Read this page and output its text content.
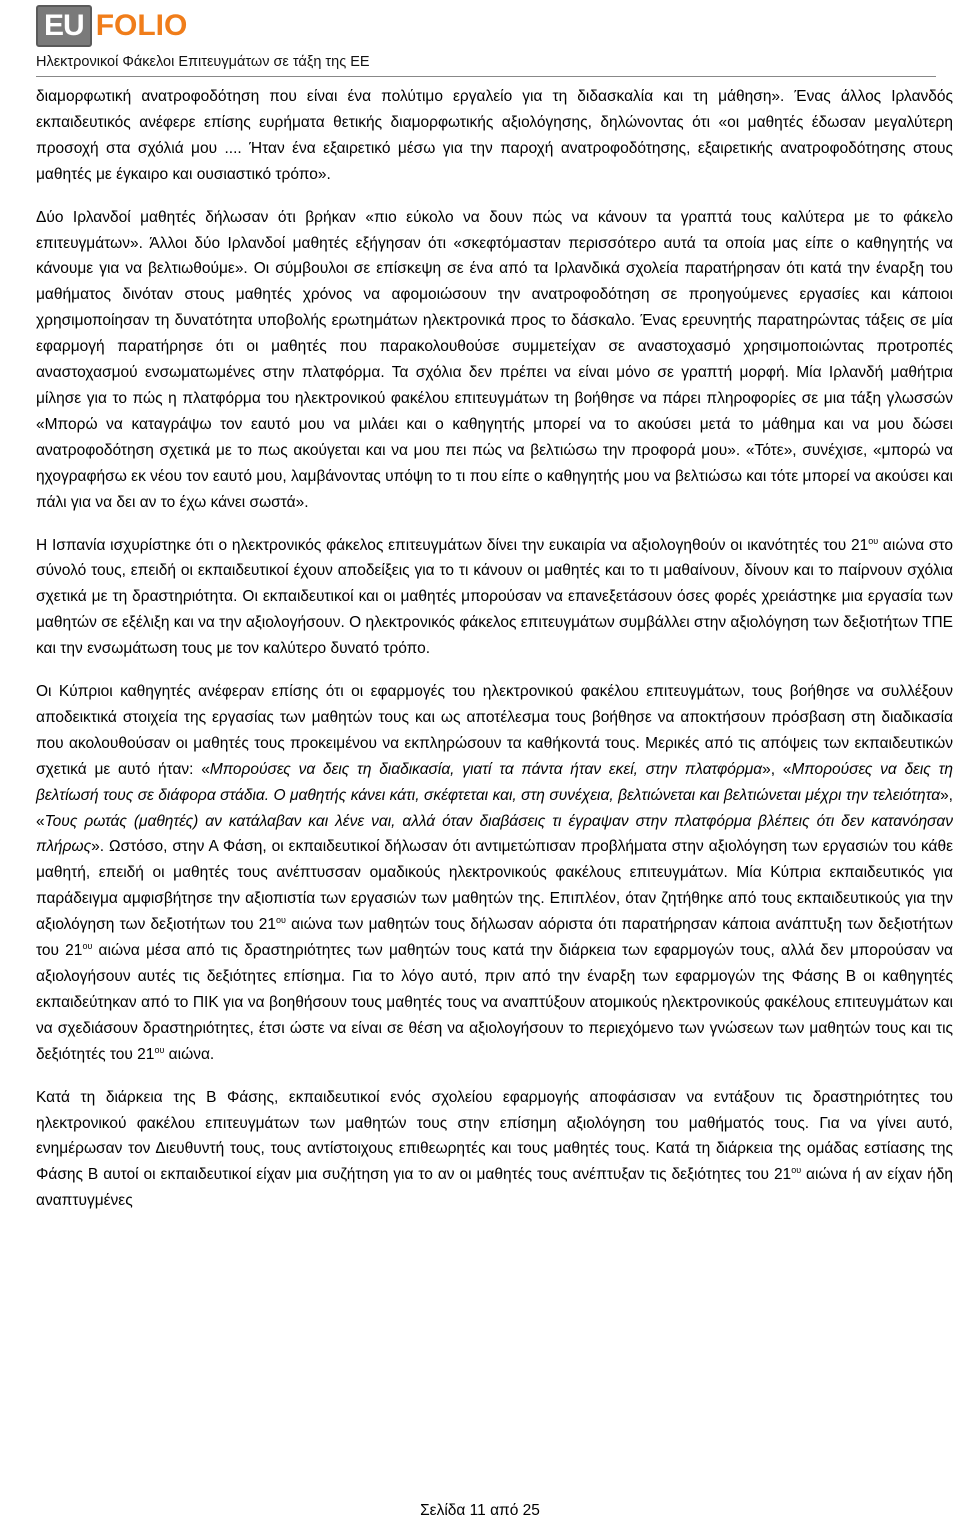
EU FOLIO
Ηλεκτρονικοί Φάκελοι Επιτευγμάτων σε τάξη της ΕΕ

διαμορφωτική ανατροφοδότηση που είναι ένα πολύτιμο εργαλείο για τη διδασκαλία και τη μάθηση». Ένας άλλος Ιρλανδός εκπαιδευτικός ανέφερε επίσης ευρήματα θετικής διαμορφωτικής αξιολόγησης, δηλώνοντας ότι «οι μαθητές έδωσαν μεγαλύτερη προσοχή στα σχόλιά μου .... Ήταν ένα εξαιρετικό μέσω για την παροχή ανατροφοδότησης, εξαιρετικής ανατροφοδότησης στους μαθητές με έγκαιρο και ουσιαστικό τρόπο».

Δύο Ιρλανδοί μαθητές δήλωσαν ότι βρήκαν «πιο εύκολο να δουν πώς να κάνουν τα γραπτά τους καλύτερα με το φάκελο επιτευγμάτων». Άλλοι δύο Ιρλανδοί μαθητές εξήγησαν ότι «σκεφτόμασταν περισσότερο αυτά τα οποία μας είπε ο καθηγητής να κάνουμε για να βελτιωθούμε». Οι σύμβουλοι σε επίσκεψη σε ένα από τα Ιρλανδικά σχολεία παρατήρησαν ότι κατά την έναρξη του μαθήματος δινόταν στους μαθητές χρόνος να αφομοιώσουν την ανατροφοδότηση σε προηγούμενες εργασίες και κάποιοι χρησιμοποίησαν τη δυνατότητα υποβολής ερωτημάτων ηλεκτρονικά προς το δάσκαλο. Ένας ερευνητής παρατηρώντας τάξεις σε μία εφαρμογή παρατήρησε ότι οι μαθητές που παρακολουθούσε συμμετείχαν σε αναστοχασμό χρησιμοποιώντας προτροπές αναστοχασμού ενσωματωμένες στην πλατφόρμα. Τα σχόλια δεν πρέπει να είναι μόνο σε γραπτή μορφή. Μία Ιρλανδή μαθήτρια μίλησε για το πώς η πλατφόρμα του ηλεκτρονικού φακέλου επιτευγμάτων τη βοήθησε να πάρει πληροφορίες σε μια τάξη γλωσσών «Μπορώ να καταγράψω τον εαυτό μου να μιλάει και ο καθηγητής μπορεί να το ακούσει μετά το μάθημα και να μου δώσει ανατροφοδότηση σχετικά με το πως ακούγεται και να μου πει πώς να βελτιώσω την προφορά μου». «Τότε», συνέχισε, «μπορώ να ηχογραφήσω εκ νέου τον εαυτό μου, λαμβάνοντας υπόψη το τι που είπε ο καθηγητής μου να βελτιώσω και τότε μπορεί να ακούσει και πάλι για να δει αν το έχω κάνει σωστά».

Η Ισπανία ισχυρίστηκε ότι ο ηλεκτρονικός φάκελος επιτευγμάτων δίνει την ευκαιρία να αξιολογηθούν οι ικανότητές του $21^{o\upsilon}$ αιώνα στο σύνολό τους, επειδή οι εκπαιδευτικοί έχουν αποδείξεις για το τι κάνουν οι μαθητές και το τι μαθαίνουν, δίνουν και το παίρνουν σχόλια σχετικά με τη δραστηριότητα. Οι εκπαιδευτικοί και οι μαθητές μπορούσαν να επανεξετάσουν όσες φορές χρειάστηκε μια εργασία των μαθητών σε εξέλιξη και να την αξιολογήσουν. Ο ηλεκτρονικός φάκελος επιτευγμάτων συμβάλλει στην αξιολόγηση των δεξιοτήτων ΤΠΕ και την ενσωμάτωση τους με τον καλύτερο δυνατό τρόπο.

Οι Κύπριοι καθηγητές ανέφεραν επίσης ότι οι εφαρμογές του ηλεκτρονικού φακέλου επιτευγμάτων, τους βοήθησε να συλλέξουν αποδεικτικά στοιχεία της εργασίας των μαθητών τους και ως αποτέλεσμα τους βοήθησε να αποκτήσουν πρόσβαση στη διαδικασία που ακολουθούσαν οι μαθητές τους προκειμένου να εκπληρώσουν τα καθήκοντά τους. Μερικές από τις απόψεις των εκπαιδευτικών σχετικά με αυτό ήταν: «Μπορούσες να δεις τη διαδικασία, γιατί τα πάντα ήταν εκεί, στην πλατφόρμα», «Μπορούσες να δεις τη βελτίωσή τους σε διάφορα στάδια. Ο μαθητής κάνει κάτι, σκέφτεται και, στη συνέχεια, βελτιώνεται και βελτιώνεται μέχρι την τελειότητα», «Τους ρωτάς (μαθητές) αν κατάλαβαν και λένε ναι, αλλά όταν διαβάσεις τι έγραψαν στην πλατφόρμα βλέπεις ότι δεν κατανόησαν πλήρως». Ωστόσο, στην Α Φάση, οι εκπαιδευτικοί δήλωσαν ότι αντιμετώπισαν προβλήματα στην αξιολόγηση των εργασιών του κάθε μαθητή, επειδή οι μαθητές τους ανέπτυσσαν ομαδικούς ηλεκτρονικούς φακέλους επιτευγμάτων. Μία Κύπρια εκπαιδευτικός για παράδειγμα αμφισβήτησε την αξιοπιστία των εργασιών των μαθητών της. Επιπλέον, όταν ζητήθηκε από τους εκπαιδευτικούς για την αξιολόγηση των δεξιοτήτων του $21^{o\upsilon}$ αιώνα των μαθητών τους δήλωσαν αόριστα ότι παρατήρησαν κάποια ανάπτυξη των δεξιοτήτων του $21^{o\upsilon}$ αιώνα μέσα από τις δραστηριότητες των μαθητών τους κατά την διάρκεια των εφαρμογών τους, αλλά δεν μπορούσαν να αξιολογήσουν αυτές τις δεξιότητες επίσημα. Για το λόγο αυτό, πριν από την έναρξη των εφαρμογών της Φάσης Β οι καθηγητές εκπαιδεύτηκαν από το ΠΙΚ για να βοηθήσουν τους μαθητές τους να αναπτύξουν ατομικούς ηλεκτρονικούς φακέλους επιτευγμάτων και να σχεδιάσουν δραστηριότητες, έτσι ώστε να είναι σε θέση να αξιολογήσουν το περιεχόμενο των γνώσεων των μαθητών τους και τις δεξιότητές του $21^{o\upsilon}$ αιώνα.

Κατά τη διάρκεια της Β Φάσης, εκπαιδευτικοί ενός σχολείου εφαρμογής αποφάσισαν να εντάξουν τις δραστηριότητες του ηλεκτρονικού φακέλου επιτευγμάτων των μαθητών τους στην επίσημη αξιολόγηση του μαθήματός τους. Για να γίνει αυτό, ενημέρωσαν τον Διευθυντή τους, τους αντίστοιχους επιθεωρητές και τους μαθητές τους. Κατά τη διάρκεια της ομάδας εστίασης της Φάσης Β αυτοί οι εκπαιδευτικοί είχαν μια συζήτηση για το αν οι μαθητές τους ανέπτυξαν τις δεξιότητες του $21^{o\upsilon}$ αιώνα ή αν είχαν ήδη αναπτυγμένες

Σελίδα 11 από 25
